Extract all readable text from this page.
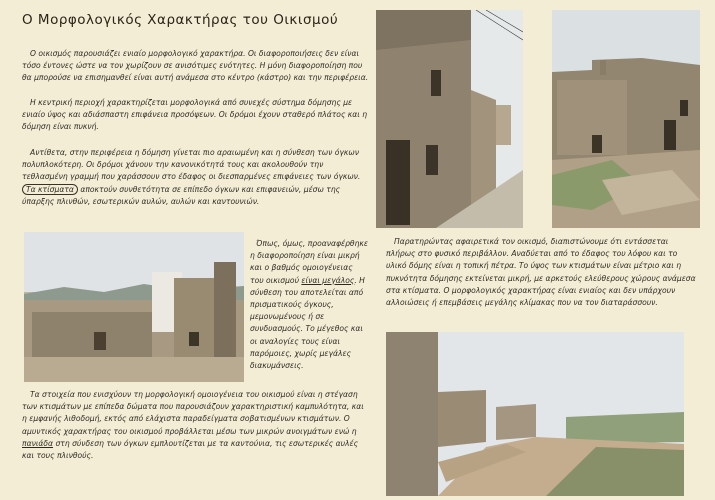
Ο Μορφολογικός Χαρακτήρας του Οικισμού

Ο οικισμός παρουσιάζει ενιαίο μορφολογικό χαρακτήρα. Οι διαφοροποιήσεις δεν είναι τόσο έντονες ώστε να τον χωρίζουν σε ανισότιμες ενότητες. Η μόνη διαφοροποίηση που θα μπορούσε να επισημανθεί είναι αυτή ανάμεσα στο κέντρο (κάστρο) και την περιφέρεια.

Η κεντρική περιοχή χαρακτηρίζεται μορφολογικά από συνεχές σύστημα δόμησης με ενιαίο ύψος και αδιάσπαστη επιφάνεια προσόψεων. Οι δρόμοι έχουν σταθερό πλάτος και η δόμηση είναι πυκνή.

Αντίθετα, στην περιφέρεια η δόμηση γίνεται πιο αραιωμένη και η σύνθεση των όγκων πολυπλοκότερη. Οι δρόμοι χάνουν την κανονικότητά τους και ακολουθούν την τεθλασμένη γραμμή που χαράσσουν στο έδαφος οι διεσπαρμένες επιφάνειες των όγκων. Τα κτίσματα αποκτούν συνθετότητα σε επίπεδο όγκων και επιφανειών, μέσω της ύπαρξης πλινθών, εσωτερικών αυλών, αυλών και καντουνιών.

Όπως, όμως, προαναφέρθηκε η διαφοροποίηση είναι μικρή και ο βαθμός ομοιογένειας του οικισμού είναι μεγάλος. Η σύνθεση του αποτελείται από πρισματικούς όγκους, μεμονωμένους ή σε συνδυασμούς. Το μέγεθος και οι αναλογίες τους είναι παρόμοιες, χωρίς μεγάλες διακυμάνσεις.

Τα στοιχεία που ενισχύουν τη μορφολογική ομοιογένεια του οικισμού είναι η στέγαση των κτισμάτων με επίπεδα δώματα που παρουσιάζουν χαρακτηριστική καμπυλότητα, και η εμφανής λιθοδομή, εκτός από ελάχιστα παραδείγματα σοβατισμένων κτισμάτων. Ο αμυντικός χαρακτήρας του οικισμού προβάλλεται μέσω των μικρών ανοιγμάτων ενώ η πανιάδα στη σύνδεση των όγκων εμπλουτίζεται με τα καντούνια, τις εσωτερικές αυλές και τους πλινθούς.

Παρατηρώντας αφαιρετικά τον οικισμό, διαπιστώνουμε ότι εντάσσεται πλήρως στο φυσικό περιβάλλον. Αναδύεται από το έδαφος του λόφου και το υλικό δόμης είναι η τοπική πέτρα. Το ύψος των κτισμάτων είναι μέτριο και η πυκνότητα δόμησης εκτείνεται μικρή, με αρκετούς ελεύθερους χώρους ανάμεσα στα κτίσματα. Ο μορφολογικός χαρακτήρας είναι ενιαίος και δεν υπάρχουν αλλοιώσεις ή επεμβάσεις μεγάλης κλίμακας που να τον διαταράσσουν.
